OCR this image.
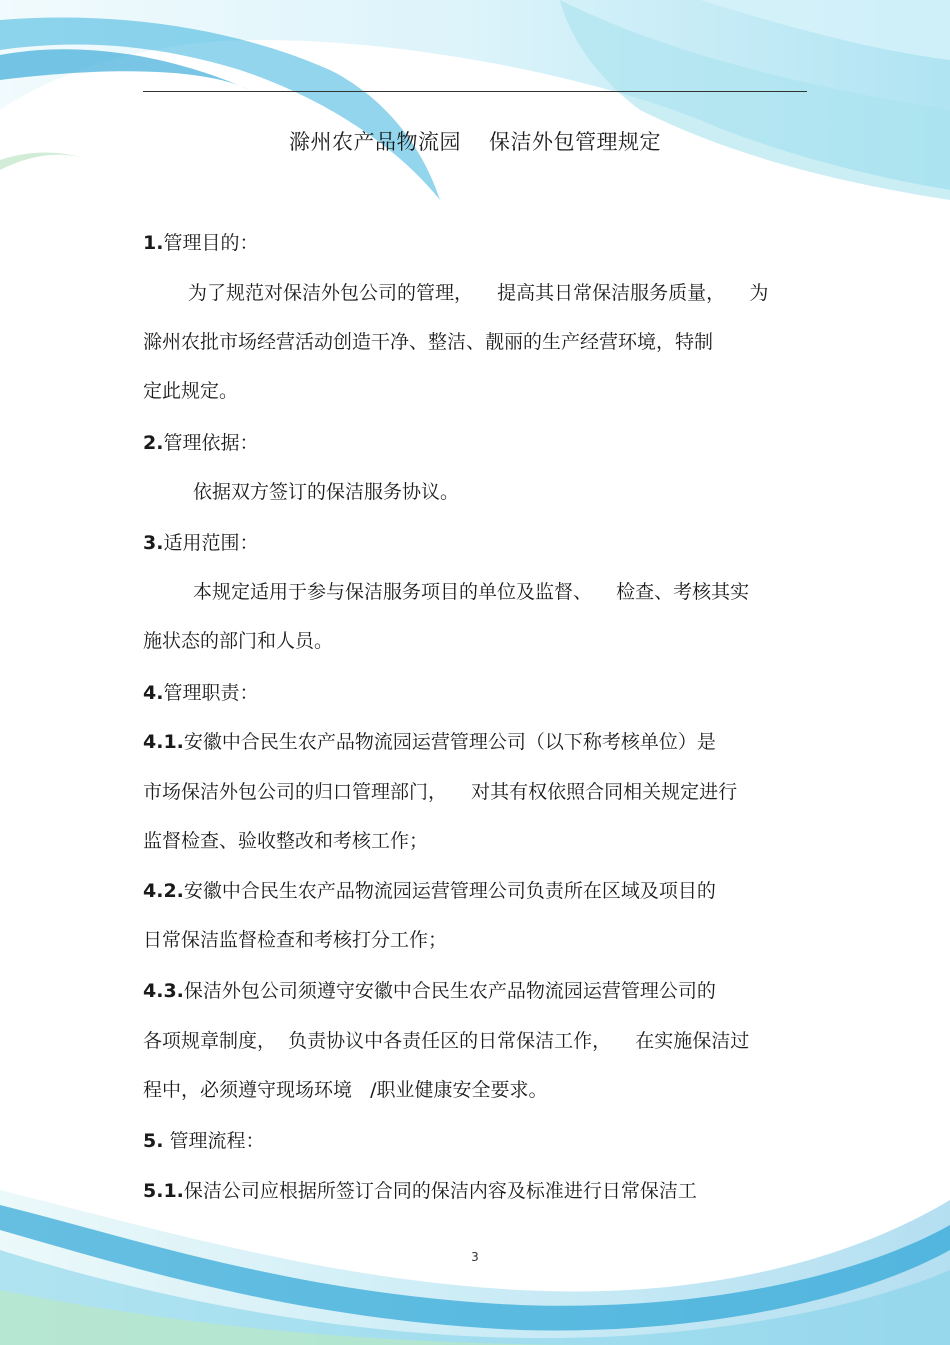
滁州农产品物流园 保洁外包管理规定
1.管理目的：
为了规范对保洁外包公司的管理，    提高其日常保洁服务质量，    为
滁州农批市场经营活动创造干净、整洁、靓丽的生产经营环境，特制
定此规定。
2.管理依据：
依据双方签订的保洁服务协议。
3.适用范围：
本规定适用于参与保洁服务项目的单位及监督、    检查、考核其实
施状态的部门和人员。
4.管理职责：
4.1.安徽中合民生农产品物流园运营管理公司（以下称考核单位）是
市场保洁外包公司的归口管理部门，    对其有权依照合同相关规定进行
监督检查、验收整改和考核工作；
4.2.安徽中合民生农产品物流园运营管理公司负责所在区域及项目的
日常保洁监督检查和考核打分工作；
4.3.保洁外包公司须遵守安徽中合民生农产品物流园运营管理公司的
各项规章制度，  负责协议中各责任区的日常保洁工作，    在实施保洁过
程中，必须遵守现场环境   /职业健康安全要求。
5. 管理流程：
5.1.保洁公司应根据所签订合同的保洁内容及标准进行日常保洁工
3
